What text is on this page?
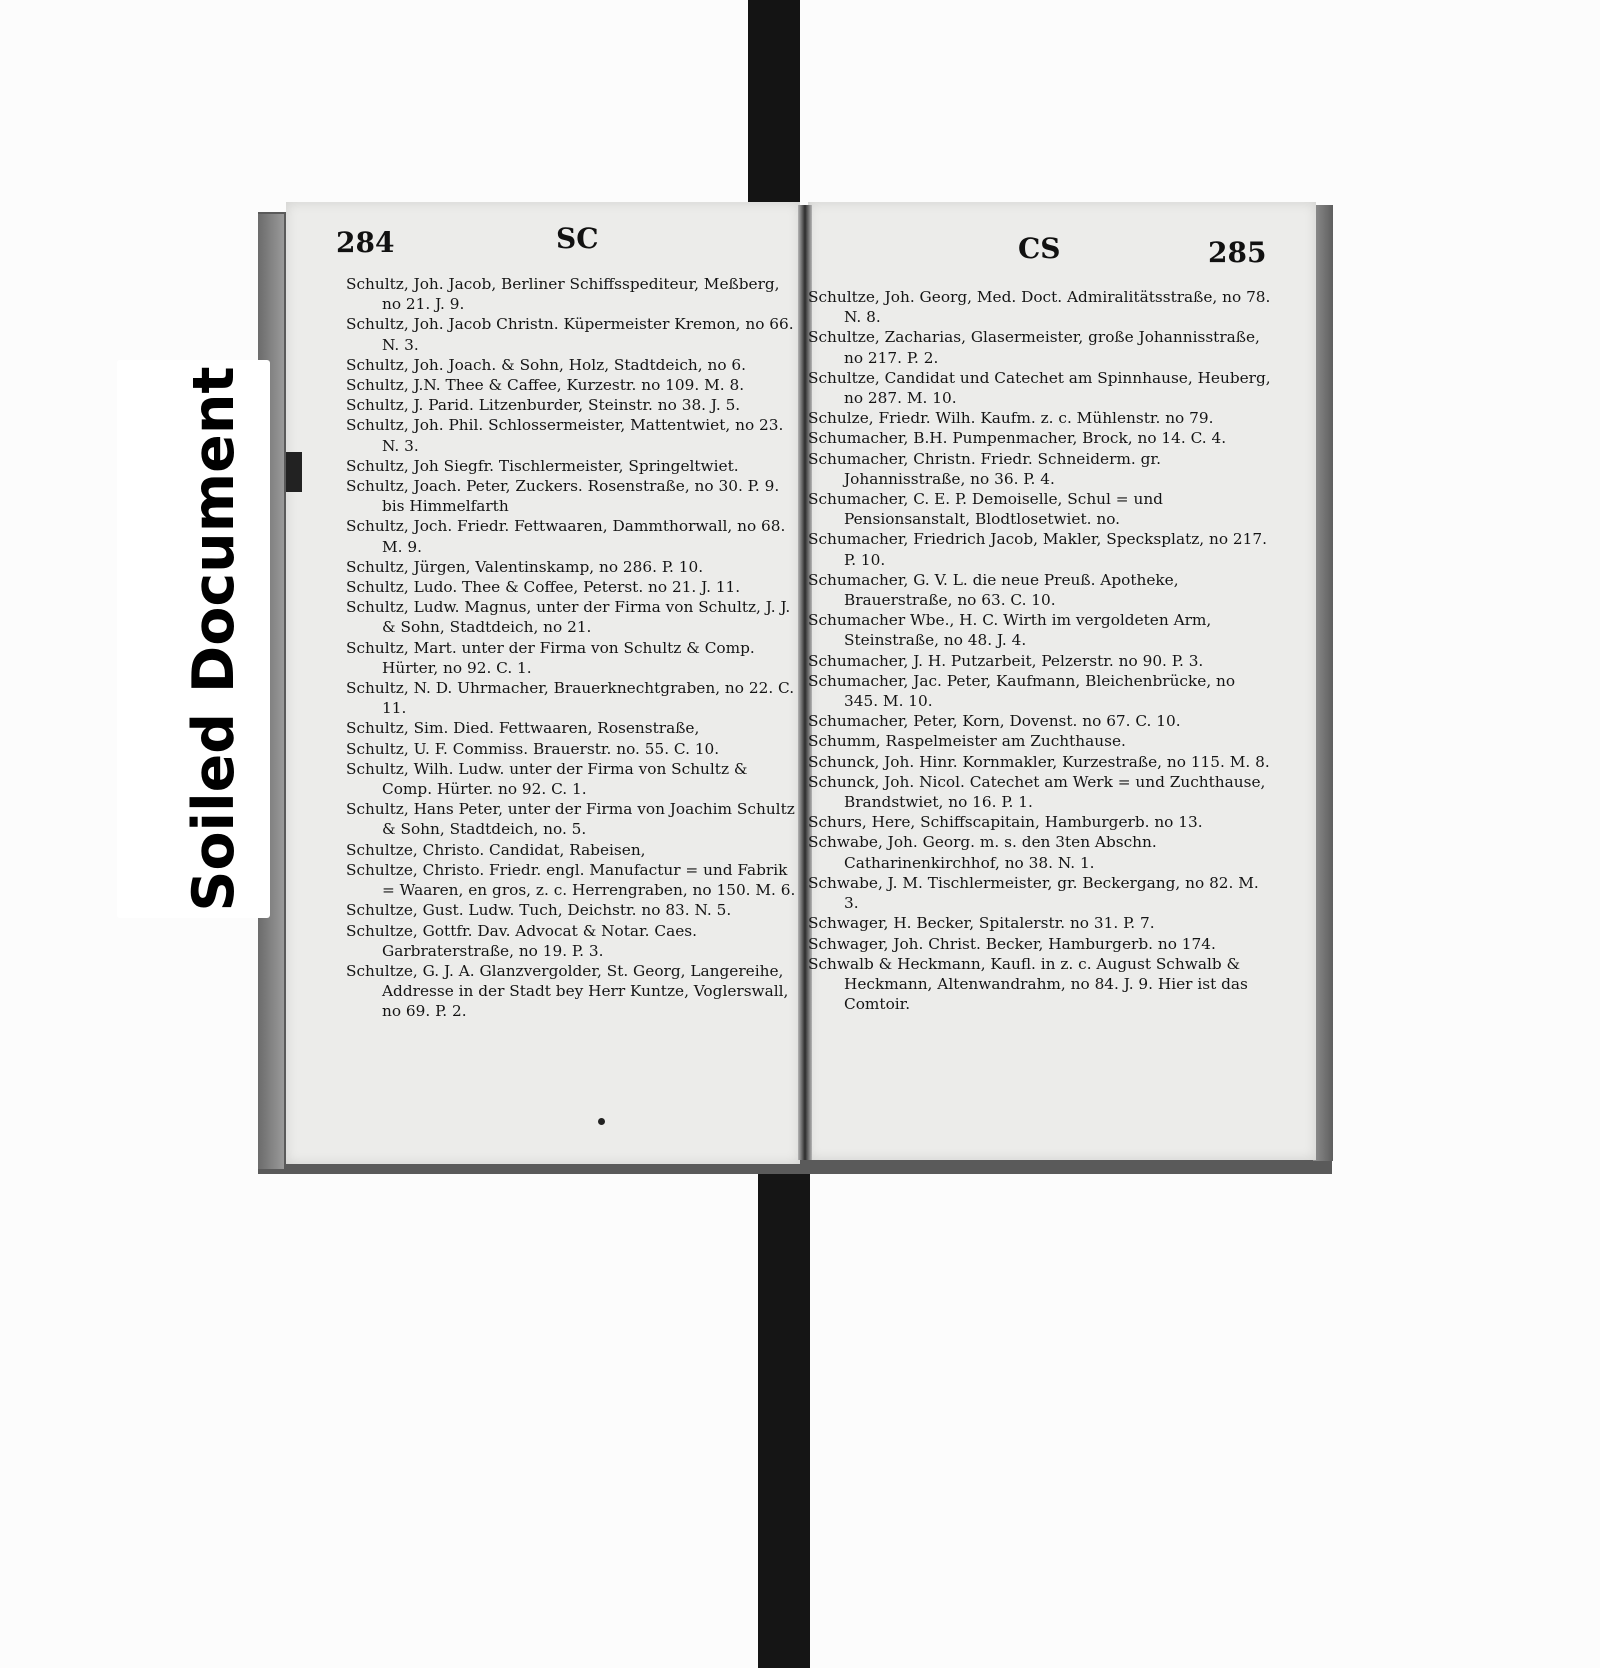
284	SC	CS	285

Schultz, Joh. Jacob, Berliner Schiffsspediteur, Meßberg, no 21. J. 9.

Schultz, Joh. Jacob Christn. Küpermeister Kremon, no 66. N. 3.

Schultz, Joh. Joach. & Sohn, Holz, Stadtdeich, no 6.

Schultz, J.N. Thee & Caffee, Kurzestr. no 109. M. 8.

Schultz, J. Parid. Litzenburder, Steinstr. no 38. J. 5.

Schultz, Joh. Phil. Schlossermeister, Mattentwiet, no 23. N. 3.

Schultz, Joh Siegfr. Tischlermeister, Springeltwiet.

Schultz, Joach. Peter, Zuckers. Rosenstraße, no 30. P. 9. bis Himmelfarth

Schultz, Joch. Friedr. Fettwaaren, Dammthorwall, no 68. M. 9.

Schultz, Jürgen, Valentinskamp, no 286. P. 10.

Schultz, Ludo. Thee & Coffee, Peterst. no 21. J. 11.

Schultz, Ludw. Magnus, unter der Firma von Schultz, J. J. & Sohn, Stadtdeich, no 21.

Schultz, Mart. unter der Firma von Schultz & Comp. Hürter, no 92. C. 1.

Schultz, N. D. Uhrmacher, Brauerknechtgraben, no 22. C. 11.

Schultz, Sim. Died. Fettwaaren, Rosenstraße,

Schultz, U. F. Commiss. Brauerstr. no. 55. C. 10.

Schultz, Wilh. Ludw. unter der Firma von Schultz & Comp. Hürter. no 92. C. 1.

Schultz, Hans Peter, unter der Firma von Joachim Schultz & Sohn, Stadtdeich, no. 5.

Schultze, Christo. Candidat, Rabeisen,

Schultze, Christo. Friedr. engl. Manufactur = und Fabrik = Waaren, en gros, z. c. Herrengraben, no 150. M. 6.

Schultze, Gust. Ludw. Tuch, Deichstr. no 83. N. 5.

Schultze, Gottfr. Dav. Advocat & Notar. Caes. Garbraterstraße, no 19. P. 3.

Schultze, G. J. A. Glanzvergolder, St. Georg, Langereihe, Addresse in der Stadt bey Herr Kuntze, Voglerswall, no 69. P. 2.

Schultze, Joh. Georg, Med. Doct. Admiralitätsstraße, no 78. N. 8.

Schultze, Zacharias, Glasermeister, große Johannisstraße, no 217. P. 2.

Schultze, Candidat und Catechet am Spinnhause, Heuberg, no 287. M. 10.

Schulze, Friedr. Wilh. Kaufm. z. c. Mühlenstr. no 79.

Schumacher, B.H. Pumpenmacher, Brock, no 14. C. 4.

Schumacher, Christn. Friedr. Schneiderm. gr. Johannisstraße, no 36. P. 4.

Schumacher, C. E. P. Demoiselle, Schul = und Pensionsanstalt, Blodtlosetwiet. no.

Schumacher, Friedrich Jacob, Makler, Specksplatz, no 217. P. 10.

Schumacher, G. V. L. die neue Preuß. Apotheke, Brauerstraße, no 63. C. 10.

Schumacher Wbe., H. C. Wirth im vergoldeten Arm, Steinstraße, no 48. J. 4.

Schumacher, J. H. Putzarbeit, Pelzerstr. no 90. P. 3.

Schumacher, Jac. Peter, Kaufmann, Bleichenbrücke, no 345. M. 10.

Schumacher, Peter, Korn, Dovenst. no 67. C. 10.

Schumm, Raspelmeister am Zuchthause.

Schunck, Joh. Hinr. Kornmakler, Kurzestraße, no 115. M. 8.

Schunck, Joh. Nicol. Catechet am Werk = und Zuchthause, Brandstwiet, no 16. P. 1.

Schurs, Here, Schiffscapitain, Hamburgerb. no 13.

Schwabe, Joh. Georg. m. s. den 3ten Abschn. Catharinenkirchhof, no 38. N. 1.

Schwabe, J. M. Tischlermeister, gr. Beckergang, no 82. M. 3.

Schwager, H. Becker, Spitalerstr. no 31. P. 7.

Schwager, Joh. Christ. Becker, Hamburgerb. no 174.

Schwalb & Heckmann, Kaufl. in z. c. August Schwalb & Heckmann, Altenwandrahm, no 84. J. 9. Hier ist das Comtoir.

Soiled Document
